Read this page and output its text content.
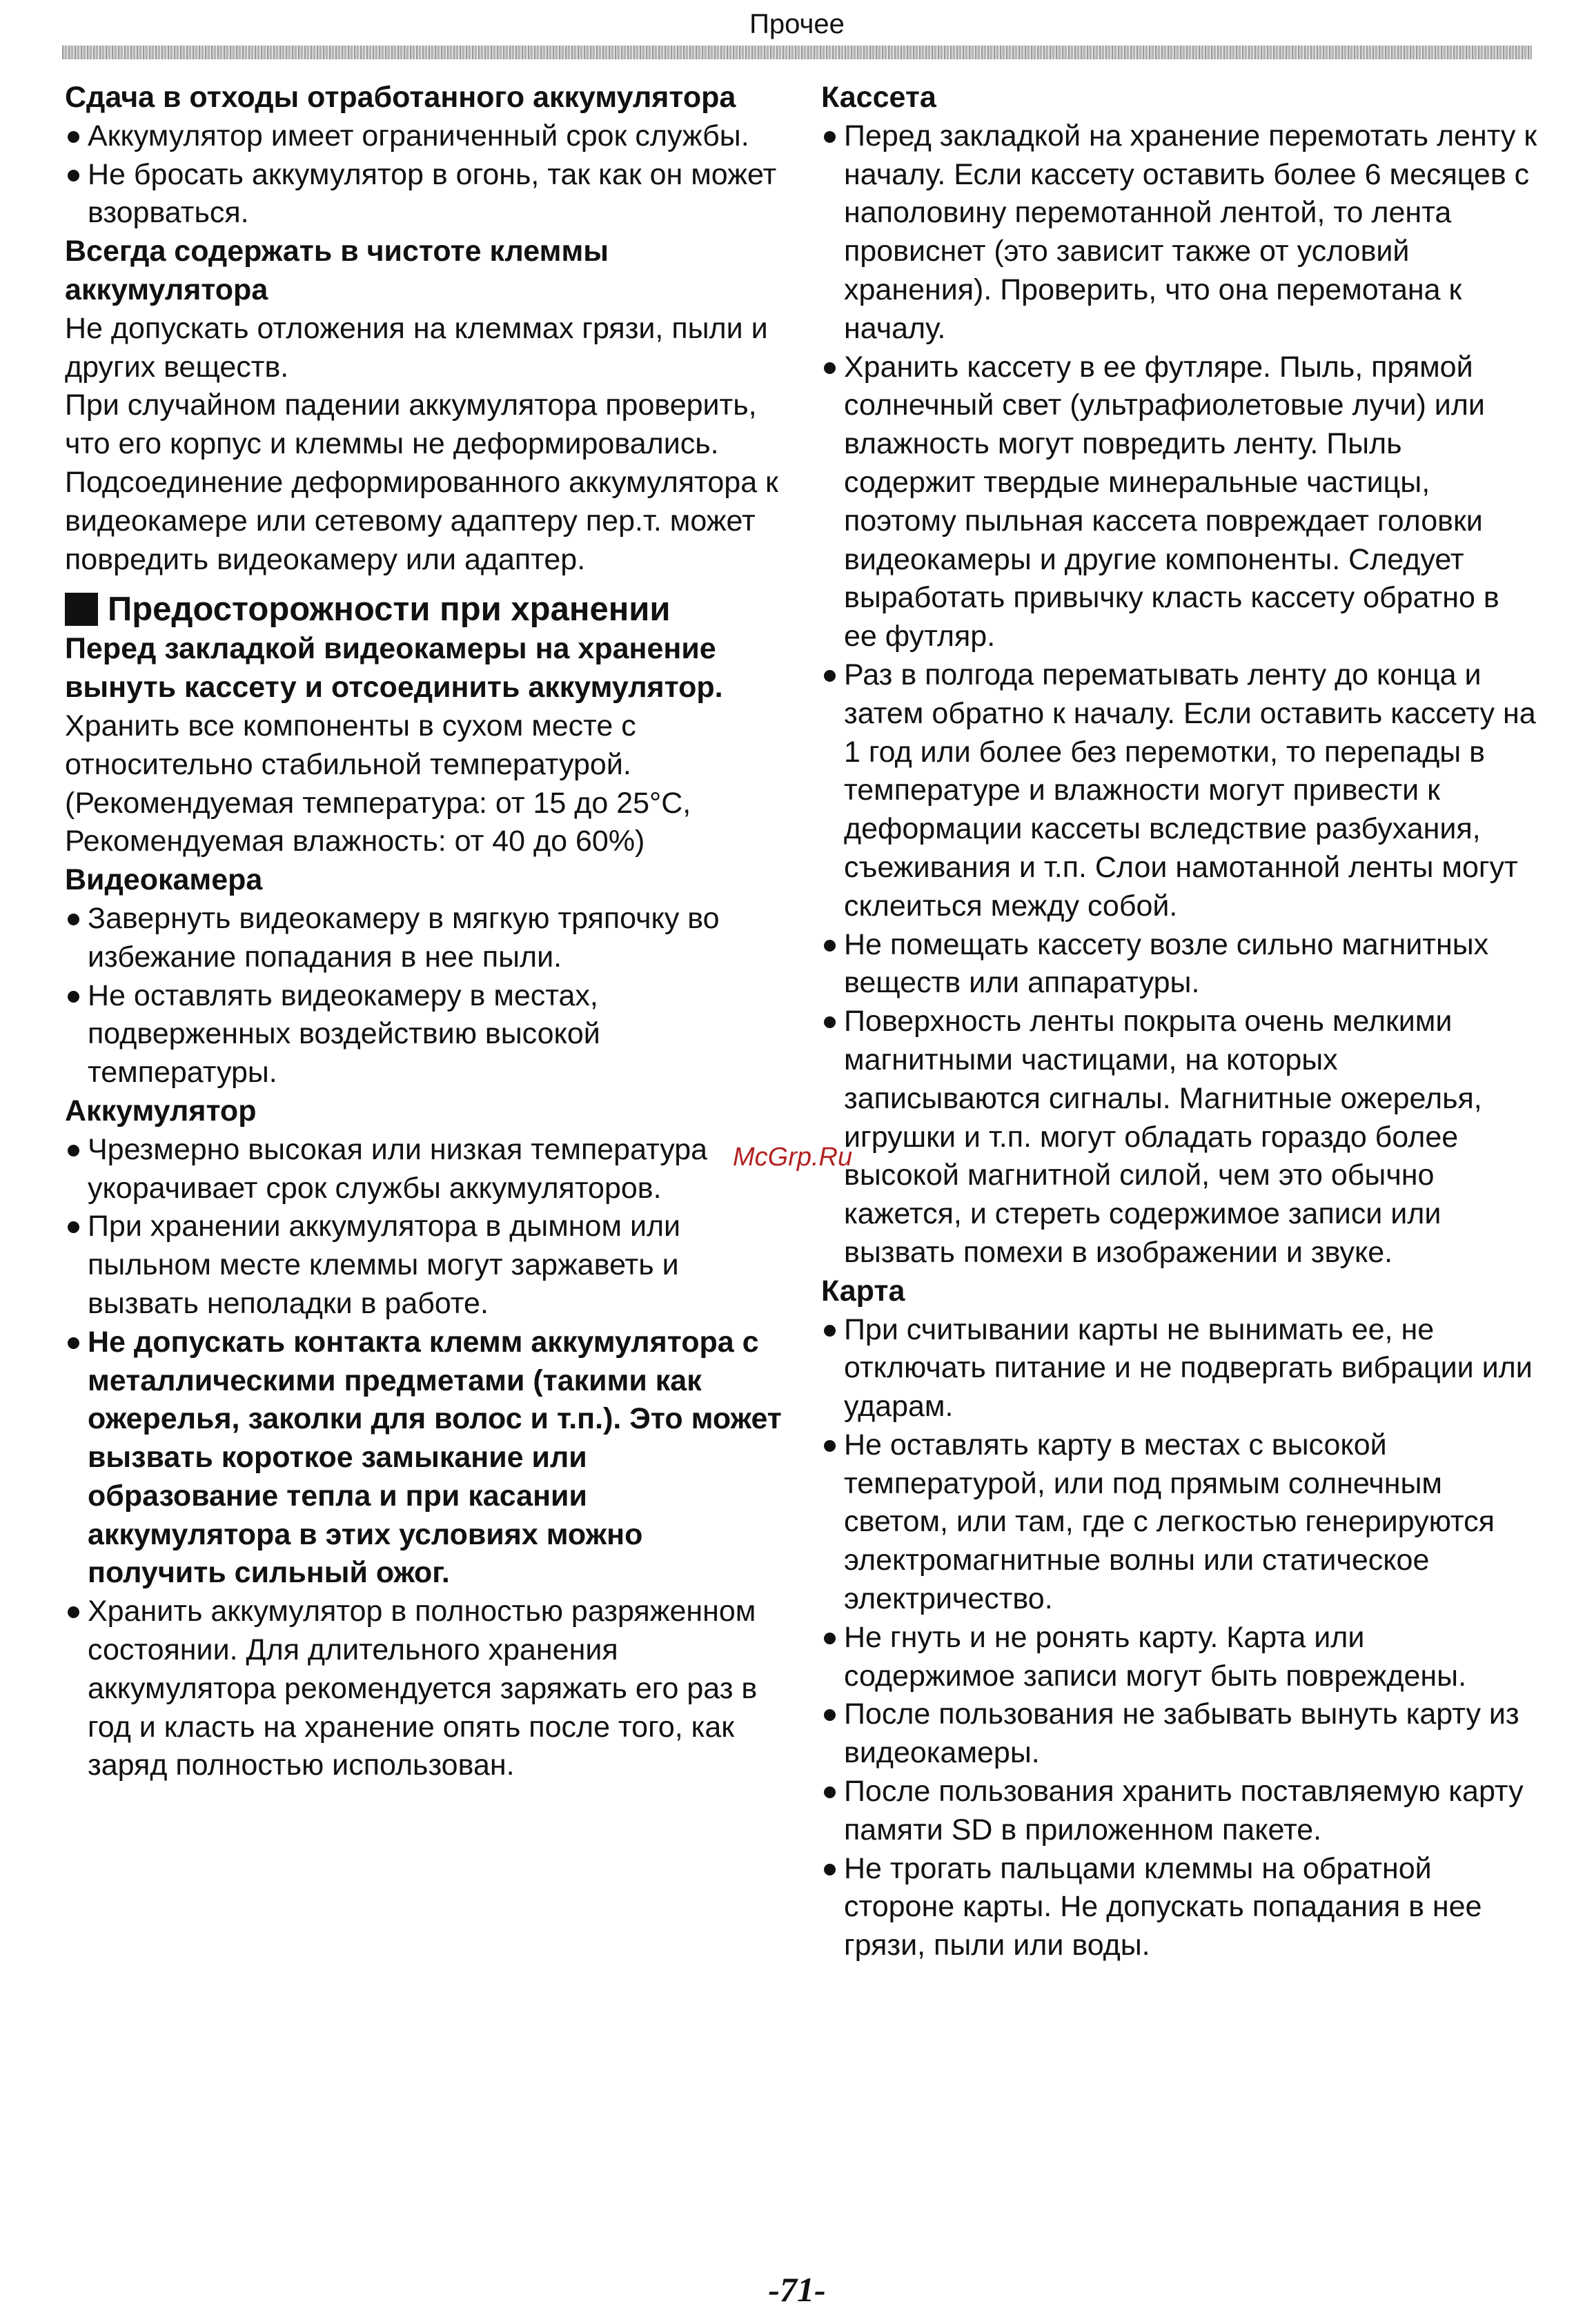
Прочее
Сдача в отходы отработанного аккумулятора
Аккумулятор имеет ограниченный срок службы.
Не бросать аккумулятор в огонь, так как он может взорваться.
Всегда содержать в чистоте клеммы аккумулятора
Не допускать отложения на клеммах грязи, пыли и других веществ.
При случайном падении аккумулятора проверить, что его корпус и клеммы не деформировались.
Подсоединение деформированного аккумулятора к видеокамере или сетевому адаптеру пер.т. может повредить видеокамеру или адаптер.
Предосторожности при хранении
Перед закладкой видеокамеры на хранение вынуть кассету и отсоединить аккумулятор.
Хранить все компоненты в сухом месте с относительно стабильной температурой.
(Рекомендуемая температура: от 15 до 25°C,
Рекомендуемая влажность: от 40 до 60%)
Видеокамера
Завернуть видеокамеру в мягкую тряпочку во избежание попадания в нее пыли.
Не оставлять видеокамеру в местах, подверженных воздействию высокой температуры.
Аккумулятор
Чрезмерно высокая или низкая температура укорачивает срок службы аккумуляторов.
При хранении аккумулятора в дымном или пыльном месте клеммы могут заржаветь и вызвать неполадки в работе.
Не допускать контакта клемм аккумулятора с металлическими предметами (такими как ожерелья, заколки для волос и т.п.). Это может вызвать короткое замыкание или образование тепла и при касании аккумулятора в этих условиях можно получить сильный ожог.
Хранить аккумулятор в полностью разряженном состоянии. Для длительного хранения аккумулятора рекомендуется заряжать его раз в год и класть на хранение опять после того, как заряд полностью использован.
Кассета
Перед закладкой на хранение перемотать ленту к началу. Если кассету оставить более 6 месяцев с наполовину перемотанной лентой, то лента провиснет (это зависит также от условий хранения). Проверить, что она перемотана к началу.
Хранить кассету в ее футляре. Пыль, прямой солнечный свет (ультрафиолетовые лучи) или влажность могут повредить ленту. Пыль содержит твердые минеральные частицы, поэтому пыльная кассета повреждает головки видеокамеры и другие компоненты. Следует выработать привычку класть кассету обратно в ее футляр.
Раз в полгода перематывать ленту до конца и затем обратно к началу. Если оставить кассету на 1 год или более без перемотки, то перепады в температуре и влажности могут привести к деформации кассеты вследствие разбухания, съеживания и т.п. Слои намотанной ленты могут склеиться между собой.
Не помещать кассету возле сильно магнитных веществ или аппаратуры.
Поверхность ленты покрыта очень мелкими магнитными частицами, на которых записываются сигналы. Магнитные ожерелья, игрушки и т.п. могут обладать гораздо более высокой магнитной силой, чем это обычно кажется, и стереть содержимое записи или вызвать помехи в изображении и звуке.
Карта
При считывании карты не вынимать ее, не отключать питание и не подвергать вибрации или ударам.
Не оставлять карту в местах с высокой температурой, или под прямым солнечным светом, или там, где с легкостью генерируются электромагнитные волны или статическое электричество.
Не гнуть и не ронять карту. Карта или содержимое записи могут быть повреждены.
После пользования не забывать вынуть карту из видеокамеры.
После пользования хранить поставляемую карту памяти SD в приложенном пакете.
Не трогать пальцами клеммы на обратной стороне карты. Не допускать попадания в нее грязи, пыли или воды.
McGrp.Ru
-71-
